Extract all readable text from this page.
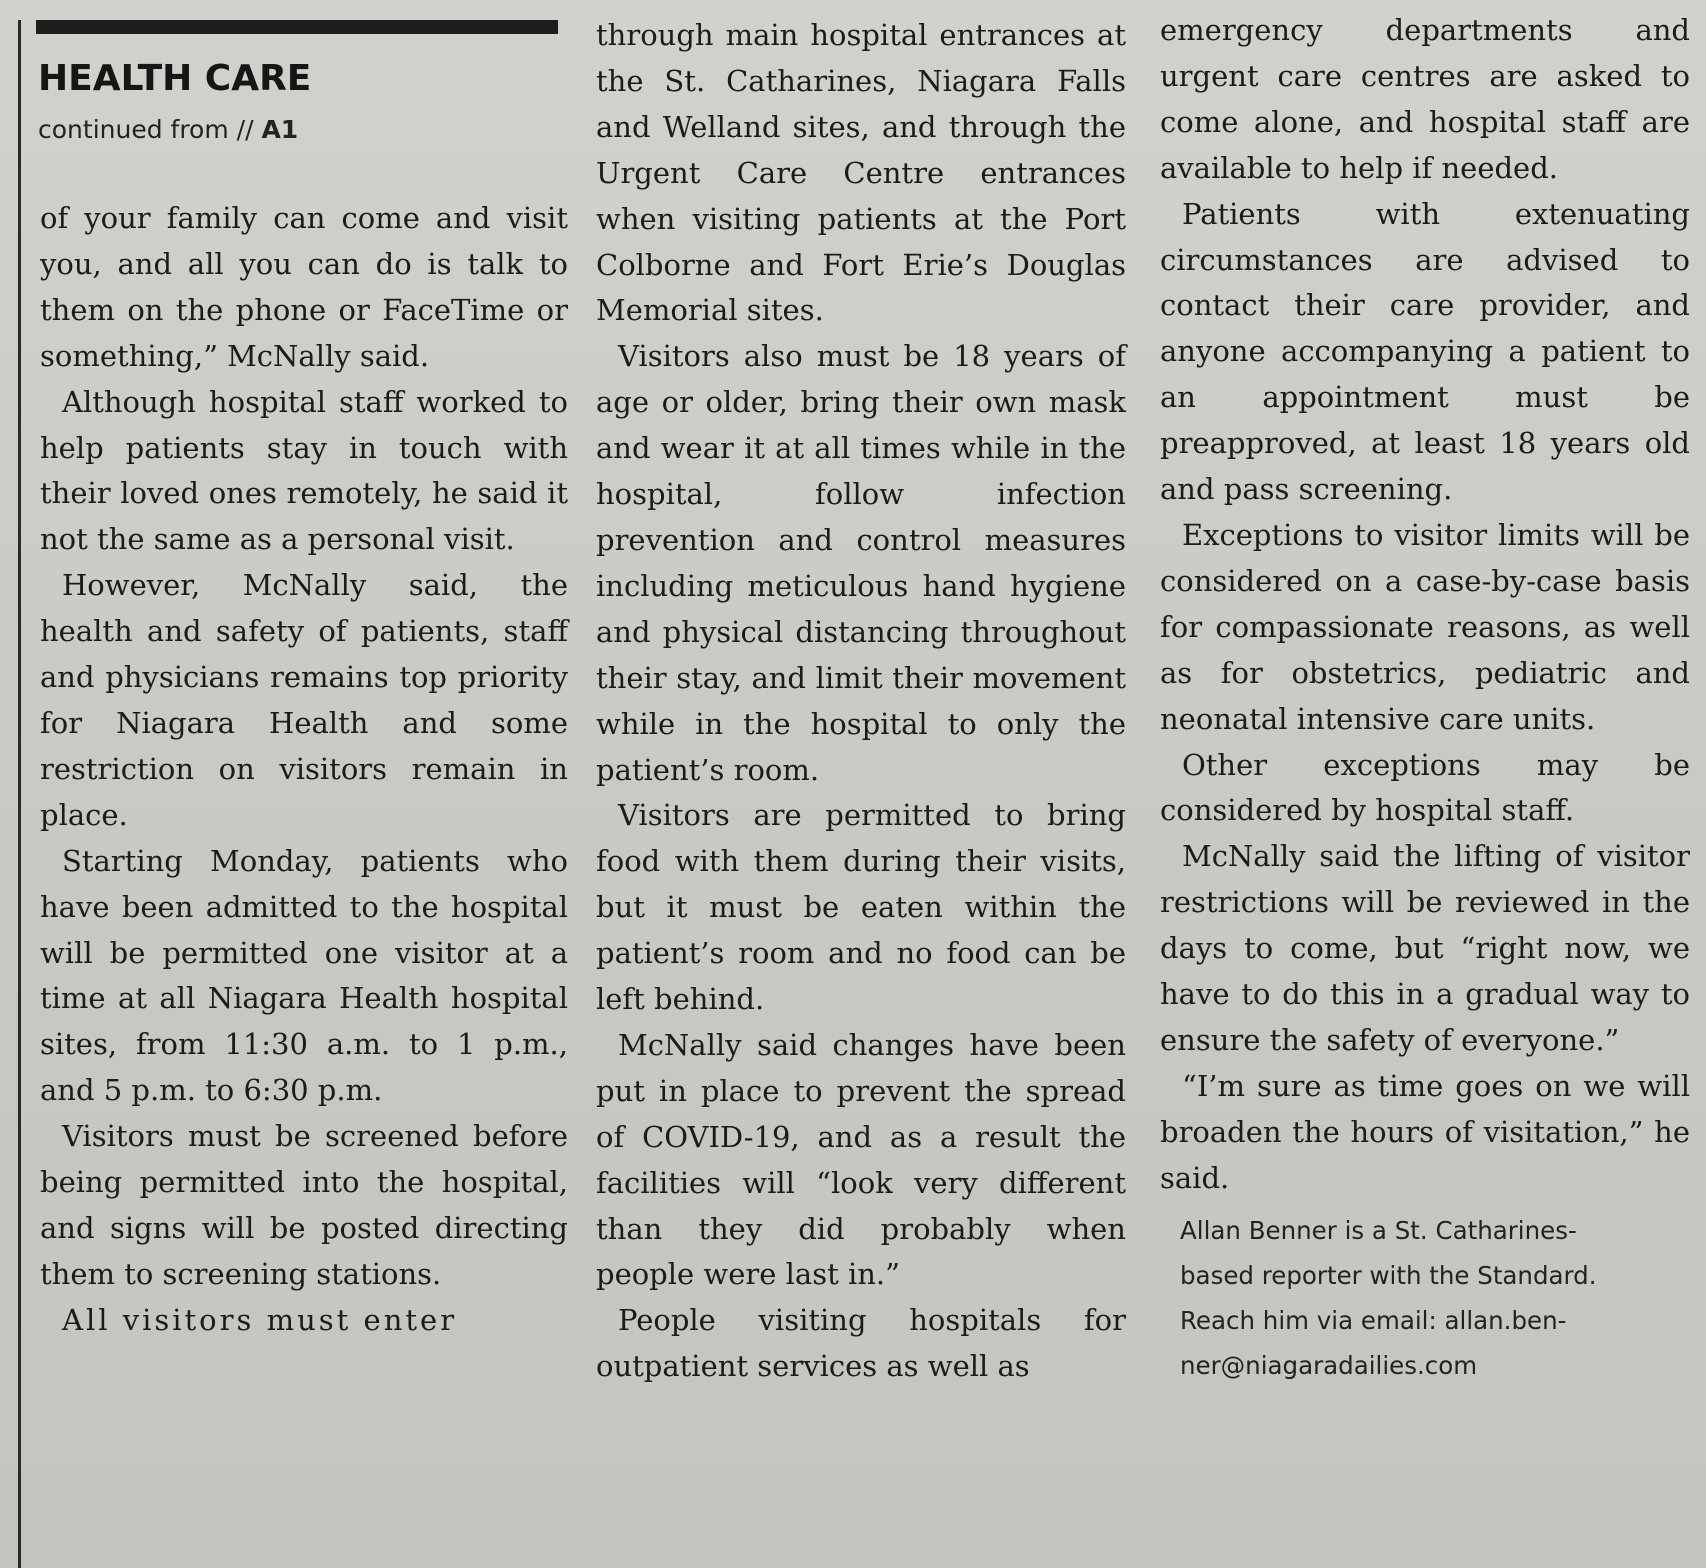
HEALTH CARE
continued from // A1

of your family can come and visit you, and all you can do is talk to them on the phone or FaceTime or something,” McNally said.

Although hospital staff worked to help patients stay in touch with their loved ones remotely, he said it not the same as a personal visit.

However, McNally said, the health and safety of patients, staff and physicians remains top priority for Niagara Health and some restriction on visitors remain in place.

Starting Monday, patients who have been admitted to the hospital will be permitted one visitor at a time at all Niagara Health hospital sites, from 11:30 a.m. to 1 p.m., and 5 p.m. to 6:30 p.m.

Visitors must be screened before being permitted into the hospital, and signs will be posted directing them to screening stations.

All visitors must enter

through main hospital entrances at the St. Catharines, Niagara Falls and Welland sites, and through the Urgent Care Centre entrances when visiting patients at the Port Colborne and Fort Erie’s Douglas Memorial sites.

Visitors also must be 18 years of age or older, bring their own mask and wear it at all times while in the hospital, follow infection prevention and control measures including meticulous hand hygiene and physical distancing throughout their stay, and limit their movement while in the hospital to only the patient’s room.

Visitors are permitted to bring food with them during their visits, but it must be eaten within the patient’s room and no food can be left behind.

McNally said changes have been put in place to prevent the spread of COVID-19, and as a result the facilities will “look very different than they did probably when people were last in.”

People visiting hospitals for outpatient services as well as

emergency departments and urgent care centres are asked to come alone, and hospital staff are available to help if needed.

Patients with extenuating circumstances are advised to contact their care provider, and anyone accompanying a patient to an appointment must be preapproved, at least 18 years old and pass screening.

Exceptions to visitor limits will be considered on a case-by-case basis for compassionate reasons, as well as for obstetrics, pediatric and neonatal intensive care units.

Other exceptions may be considered by hospital staff.

McNally said the lifting of visitor restrictions will be reviewed in the days to come, but “right now, we have to do this in a gradual way to ensure the safety of everyone.”

“I’m sure as time goes on we will broaden the hours of visitation,” he said.

Allan Benner is a St. Catharines-
based reporter with the Standard.
Reach him via email: allan.ben-
ner@niagaradailies.com
